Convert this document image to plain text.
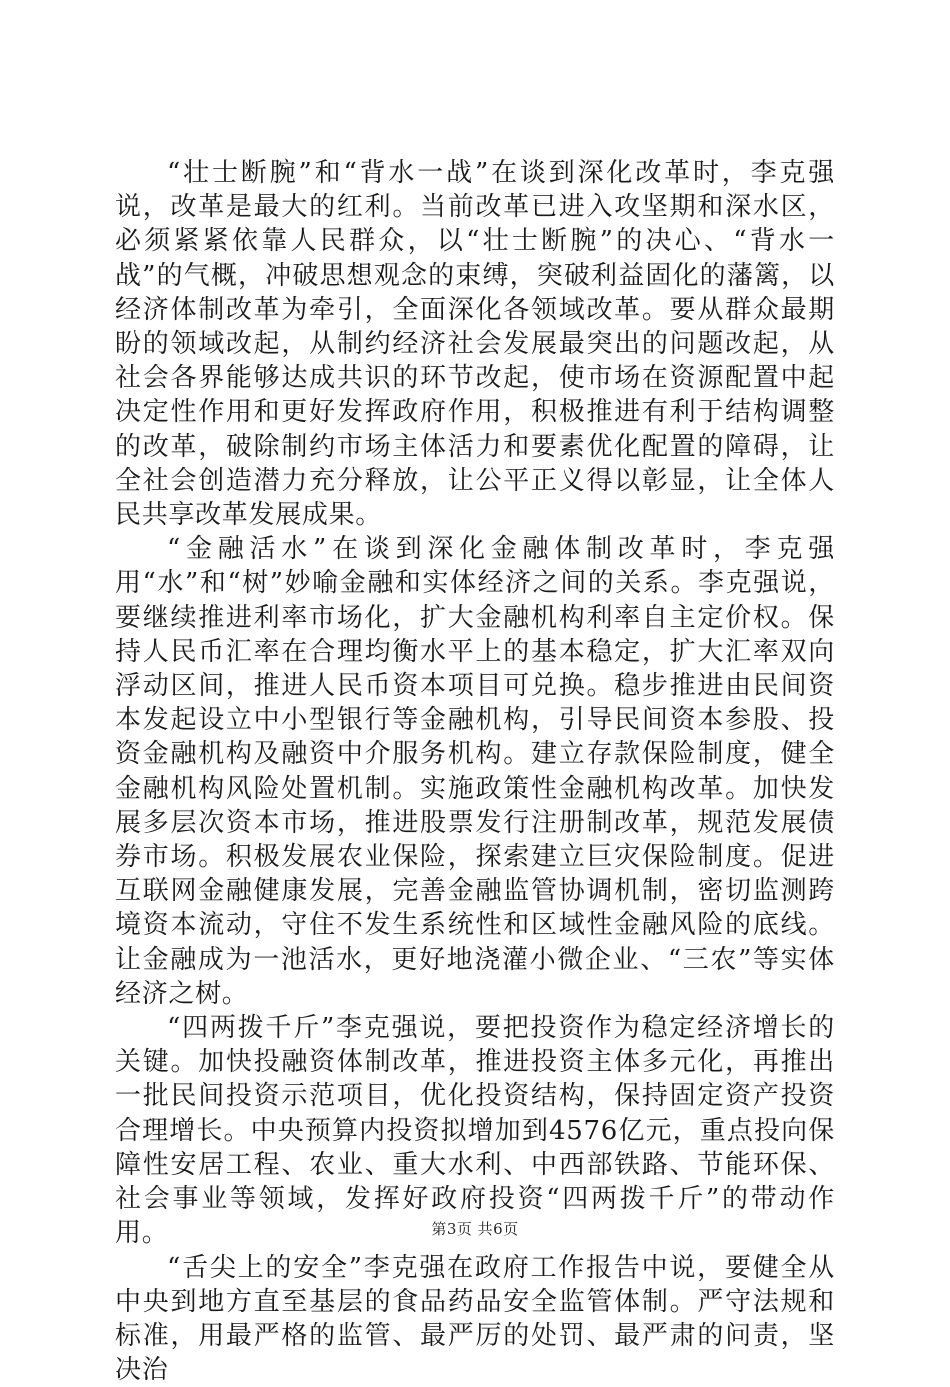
“壮士断腕”和“背水一战”在谈到深化改革时，李克强说，改革是最大的红利。当前改革已进入攻坚期和深水区，必须紧紧依靠人民群众，以“壮士断腕”的决心、“背水一战”的气概，冲破思想观念的束缚，突破利益固化的藩篱，以经济体制改革为牵引，全面深化各领域改革。要从群众最期盼的领域改起，从制约经济社会发展最突出的问题改起，从社会各界能够达成共识的环节改起，使市场在资源配置中起决定性作用和更好发挥政府作用，积极推进有利于结构调整的改革，破除制约市场主体活力和要素优化配置的障碍，让全社会创造潜力充分释放，让公平正义得以彰显，让全体人民共享改革发展成果。

“金融活水”在谈到深化金融体制改革时，李克强用“水”和“树”妙喻金融和实体经济之间的关系。李克强说，要继续推进利率市场化，扩大金融机构利率自主定价权。保持人民币汇率在合理均衡水平上的基本稳定，扩大汇率双向浮动区间，推进人民币资本项目可兑换。稳步推进由民间资本发起设立中小型银行等金融机构，引导民间资本参股、投资金融机构及融资中介服务机构。建立存款保险制度，健全金融机构风险处置机制。实施政策性金融机构改革。加快发展多层次资本市场，推进股票发行注册制改革，规范发展债券市场。积极发展农业保险，探索建立巨灾保险制度。促进互联网金融健康发展，完善金融监管协调机制，密切监测跨境资本流动，守住不发生系统性和区域性金融风险的底线。让金融成为一池活水，更好地浇灌小微企业、“三农”等实体经济之树。

“四两拨千斤”李克强说，要把投资作为稳定经济增长的关键。加快投融资体制改革，推进投资主体多元化，再推出一批民间投资示范项目，优化投资结构，保持固定资产投资合理增长。中央预算内投资拟增加到4576亿元，重点投向保障性安居工程、农业、重大水利、中西部铁路、节能环保、社会事业等领域，发挥好政府投资“四两拨千斤”的带动作用。

“舌尖上的安全”李克强在政府工作报告中说，要健全从中央到地方直至基层的食品药品安全监管体制。严守法规和标准，用最严格的监管、最严厉的处罚、最严肃的问责，坚决治

第3页 共6页
